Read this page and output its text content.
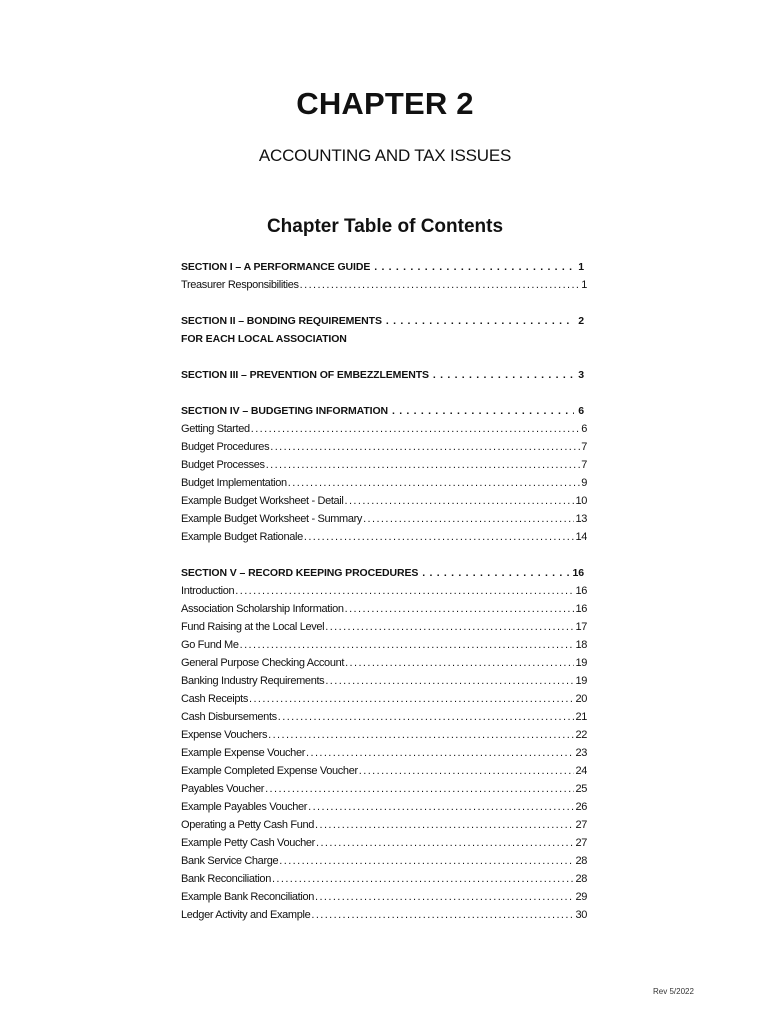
CHAPTER 2
ACCOUNTING AND TAX ISSUES
Chapter Table of Contents
SECTION I – A PERFORMANCE GUIDE .....	1
Treasurer Responsibilities .....	1
SECTION II – BONDING REQUIREMENTS .....	2
FOR EACH LOCAL ASSOCIATION
SECTION III – PREVENTION OF EMBEZZLEMENTS .....	3
SECTION IV – BUDGETING INFORMATION .....	6
Getting Started .....	6
Budget Procedures .....	7
Budget Processes .....	7
Budget Implementation .....	9
Example Budget Worksheet - Detail .....	10
Example Budget Worksheet - Summary .....	13
Example Budget Rationale .....	14
SECTION V – RECORD KEEPING PROCEDURES .....	16
Introduction .....	16
Association Scholarship Information .....	16
Fund Raising at the Local Level .....	17
Go Fund Me .....	18
General Purpose Checking Account .....	19
Banking Industry Requirements .....	19
Cash Receipts .....	20
Cash Disbursements .....	21
Expense Vouchers .....	22
Example Expense Voucher .....	23
Example Completed Expense Voucher .....	24
Payables Voucher .....	25
Example Payables Voucher .....	26
Operating a Petty Cash Fund .....	27
Example Petty Cash Voucher .....	27
Bank Service Charge .....	28
Bank Reconciliation .....	28
Example Bank Reconciliation .....	29
Ledger Activity and Example .....	30
Rev 5/2022
